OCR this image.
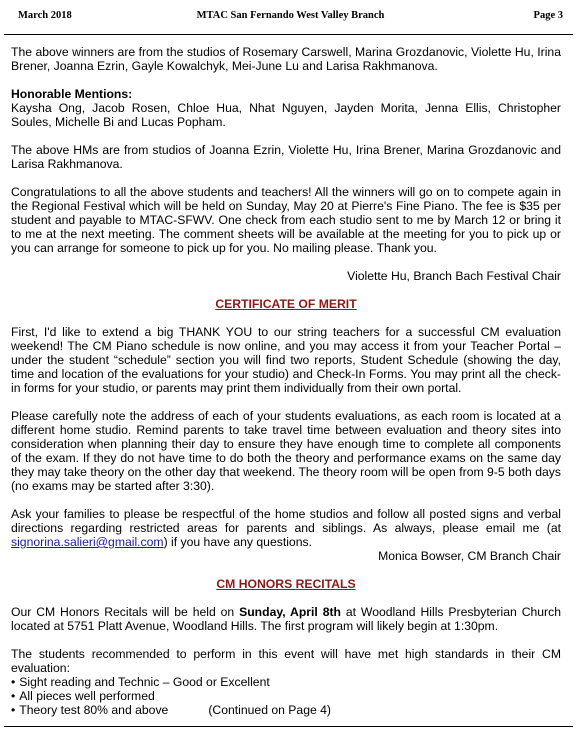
March 2018	MTAC San Fernando West Valley Branch	Page 3

The above winners are from the studios of Rosemary Carswell, Marina Grozdanovic, Violette Hu, Irina Brener, Joanna Ezrin, Gayle Kowalchyk, Mei-June Lu and Larisa Rakhmanova.

Honorable Mentions:
Kaysha Ong, Jacob Rosen, Chloe Hua, Nhat Nguyen, Jayden Morita, Jenna Ellis, Christopher Soules, Michelle Bi and Lucas Popham.

The above HMs are from studios of Joanna Ezrin, Violette Hu, Irina Brener, Marina Grozdanovic and Larisa Rakhmanova.

Congratulations to all the above students and teachers! All the winners will go on to compete again in the Regional Festival which will be held on Sunday, May 20 at Pierre's Fine Piano. The fee is $35 per student and payable to MTAC-SFWV. One check from each studio sent to me by March 12 or bring it to me at the next meeting. The comment sheets will be available at the meeting for you to pick up or you can arrange for someone to pick up for you. No mailing please. Thank you.

Violette Hu, Branch Bach Festival Chair

CERTIFICATE OF MERIT

First, I'd like to extend a big THANK YOU to our string teachers for a successful CM evaluation weekend! The CM Piano schedule is now online, and you may access it from your Teacher Portal – under the student “schedule” section you will find two reports, Student Schedule (showing the day, time and location of the evaluations for your studio) and Check-In Forms. You may print all the check-in forms for your studio, or parents may print them individually from their own portal.

Please carefully note the address of each of your students evaluations, as each room is located at a different home studio. Remind parents to take travel time between evaluation and theory sites into consideration when planning their day to ensure they have enough time to complete all components of the exam. If they do not have time to do both the theory and performance exams on the same day they may take theory on the other day that weekend. The theory room will be open from 9-5 both days (no exams may be started after 3:30).

Ask your families to please be respectful of the home studios and follow all posted signs and verbal directions regarding restricted areas for parents and siblings. As always, please email me (at signorina.salieri@gmail.com) if you have any questions.

Monica Bowser, CM Branch Chair

CM HONORS RECITALS

Our CM Honors Recitals will be held on Sunday, April 8th at Woodland Hills Presbyterian Church located at 5751 Platt Avenue, Woodland Hills. The first program will likely begin at 1:30pm.

The students recommended to perform in this event will have met high standards in their CM evaluation:

• Sight reading and Technic – Good or Excellent
• All pieces well performed
• Theory test 80% and above	(Continued on Page 4)
